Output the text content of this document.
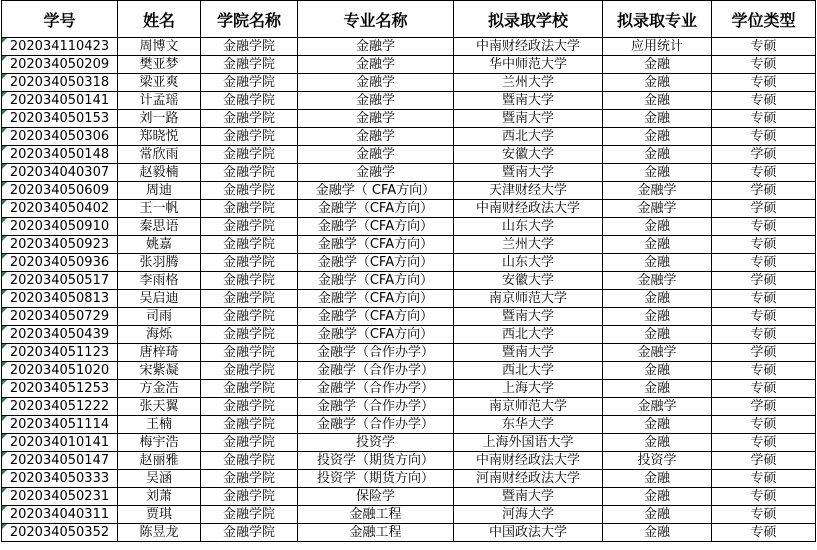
学号	姓名	学院名称	专业名称	拟录取学校	拟录取专业	学位类型

202034110423	周博文	金融学院	金融学	中南财经政法大学	应用统计	专硕

202034050209	樊亚梦	金融学院	金融学	华中师范大学	金融	专硕

202034050318	梁亚爽	金融学院	金融学	兰州大学	金融	专硕

202034050141	计孟瑶	金融学院	金融学	暨南大学	金融	专硕

202034050153	刘一路	金融学院	金融学	暨南大学	金融	专硕

202034050306	郑晓悦	金融学院	金融学	西北大学	金融	专硕

202034050148	常欣雨	金融学院	金融学	安徽大学	金融	学硕

202034040307	赵毅楠	金融学院	金融学	暨南大学	金融	专硕

202034050609	周迪	金融学院	金融学（ CFA方向）	天津财经大学	金融学	学硕

202034050402	王一帆	金融学院	金融学（CFA方向）	中南财经政法大学	金融学	学硕

202034050910	秦思语	金融学院	金融学（CFA方向）	山东大学	金融	专硕

202034050923	姚嘉	金融学院	金融学（CFA方向）	兰州大学	金融	专硕

202034050936	张羽腾	金融学院	金融学（CFA方向）	山东大学	金融	专硕

202034050517	李雨格	金融学院	金融学（CFA方向）	安徽大学	金融学	学硕

202034050813	吴启迪	金融学院	金融学（CFA方向）	南京师范大学	金融	专硕

202034050729	司雨	金融学院	金融学（CFA方向）	暨南大学	金融	专硕

202034050439	海烁	金融学院	金融学（CFA方向）	西北大学	金融	专硕

202034051123	唐梓琦	金融学院	金融学（合作办学）	暨南大学	金融学	学硕

202034051020	宋紫凝	金融学院	金融学（合作办学）	西北大学	金融	专硕

202034051253	方金浩	金融学院	金融学（合作办学）	上海大学	金融	专硕

202034051222	张天翼	金融学院	金融学（合作办学）	南京师范大学	金融学	学硕

202034051114	王楠	金融学院	金融学（合作办学）	东华大学	金融	专硕

202034010141	梅宇浩	金融学院	投资学	上海外国语大学	金融	专硕

202034050147	赵丽雅	金融学院	投资学（期货方向）	中南财经政法大学	投资学	学硕

202034050333	吴涵	金融学院	投资学（期货方向）	河南财经政法大学	金融	专硕

202034050231	刘萧	金融学院	保险学	暨南大学	金融	专硕

202034040311	贾琪	金融学院	金融工程	河海大学	金融	专硕

202034050352	陈昱龙	金融学院	金融工程	中国政法大学	金融	专硕
